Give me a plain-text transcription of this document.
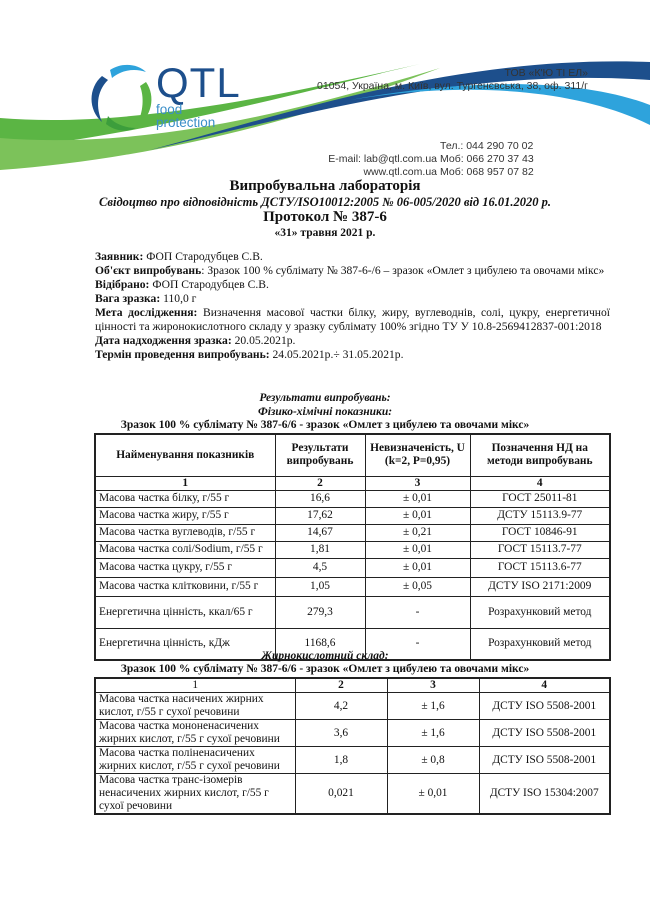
QTL
food
protection
ТОВ «К'Ю ТІ ЕЛ»
01054, Україна, м. Київ, вул. Тургенєвська, 38, оф. 311/г
E-mail: lab@qtl.com.ua
www.qtl.com.ua
Тел.: 044 290 70 02
Моб: 066 270 37 43
Моб: 068 957 07 82
Випробувальна лабораторія
Свідоцтво про відповідність ДСТУ/ISO10012:2005 № 06-005/2020 від 16.01.2020 р.
Протокол № 387-6
«31» травня 2021 р.

Заявник: ФОП Стародубцев С.В.

Об'єкт випробувань: Зразок 100 % сублімату № 387-6-/6 – зразок «Омлет з цибулею та овочами мікс»

Відібрано: ФОП Стародубцев С.В.

Вага зразка: 110,0 г

Мета дослідження: Визначення масової частки білку, жиру, вуглеводнів, солі, цукру, енергетичної цінності та жиронокислотного складу у зразку сублімату 100% згідно ТУ У 10.8-2569412837-001:2018

Дата надходження зразка: 20.05.2021р.

Термін проведення випробувань: 24.05.2021р.÷ 31.05.2021р.

Результати випробувань:
Фізико-хімічні показники:
Зразок 100 % сублімату № 387-6/6 - зразок «Омлет з цибулею та овочами мікс»
Найменування показників	Результати випробувань	Невизначеність, U (k=2, P=0,95)	Позначення НД на методи випробувань
1	2	3	4
Масова частка білку, г/55 г	16,6	± 0,01	ГОСТ 25011-81
Масова частка жиру, г/55 г	17,62	± 0,01	ДСТУ 15113.9-77
Масова частка вуглеводів, г/55 г	14,67	± 0,21	ГОСТ 10846-91
Масова частка солі/Sodium, г/55 г	1,81	± 0,01	ГОСТ 15113.7-77
Масова частка цукру, г/55 г	4,5	± 0,01	ГОСТ 15113.6-77
Масова частка клітковини, г/55 г	1,05	± 0,05	ДСТУ ISO 2171:2009
Енергетична цінність, ккал/65 г	279,3	-	Розрахунковий метод
Енергетична цінність, кДж	1168,6	-	Розрахунковий метод
Жирнокислотний склад:
Зразок 100 % сублімату № 387-6/6 - зразок «Омлет з цибулею та овочами мікс»
1	2	3	4
Масова частка насичених жирних кислот, г/55 г сухої речовини	4,2	± 1,6	ДСТУ ISO 5508-2001
Масова частка мононенасичених жирних кислот, г/55 г сухої речовини	3,6	± 1,6	ДСТУ ISO 5508-2001
Масова частка поліненасичених жирних кислот, г/55 г сухої речовини	1,8	± 0,8	ДСТУ ISO 5508-2001
Масова частка транс-ізомерів ненасичених жирних кислот, г/55 г сухої речовини	0,021	± 0,01	ДСТУ ISO 15304:2007
